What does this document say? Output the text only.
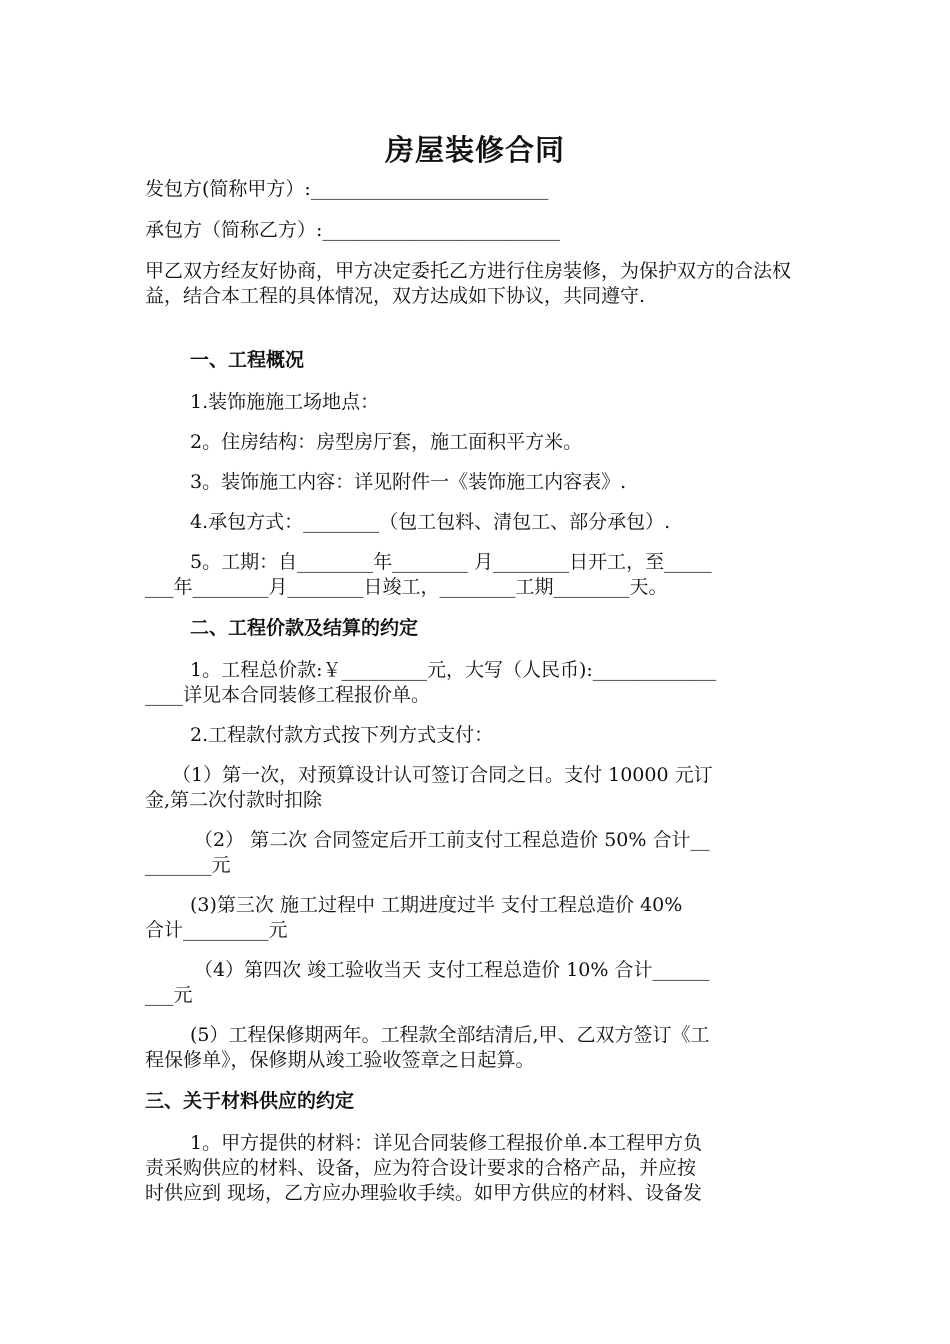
房屋装修合同
发包方(简称甲方）:_________________________
承包方（简称乙方）:_________________________
甲乙双方经友好协商，甲方决定委托乙方进行住房装修，为保护双方的合法权益，结合本工程的具体情况，双方达成如下协议，共同遵守.
一、工程概况
1.装饰施施工场地点：
2。住房结构：房型房厅套，施工面积平方米。
3。装饰施工内容：详见附件一《装饰施工内容表》.
4.承包方式：________（包工包料、清包工、部分承包）.
5。工期：自________年________ 月________日开工，至_____
___年________月________日竣工，________工期________天。
二、工程价款及结算的约定
1。工程总价款:￥_________元，大写（人民币):_____________
____详见本合同装修工程报价单。
2.工程款付款方式按下列方式支付：
（1）第一次，对预算设计认可签订合同之日。支付 10000 元订
金,第二次付款时扣除
（2） 第二次 合同签定后开工前支付工程总造价 50% 合计__
_______元
(3)第三次 施工过程中 工期进度过半 支付工程总造价 40%
合计_________元
（4）第四次 竣工验收当天 支付工程总造价 10% 合计______
___元
(5）工程保修期两年。工程款全部结清后,甲、乙双方签订《工
程保修单》，保修期从竣工验收签章之日起算。
三、关于材料供应的约定
1。甲方提供的材料：详见合同装修工程报价单.本工程甲方负
责采购供应的材料、设备，应为符合设计要求的合格产品，并应按
时供应到 现场，乙方应办理验收手续。如甲方供应的材料、设备发
